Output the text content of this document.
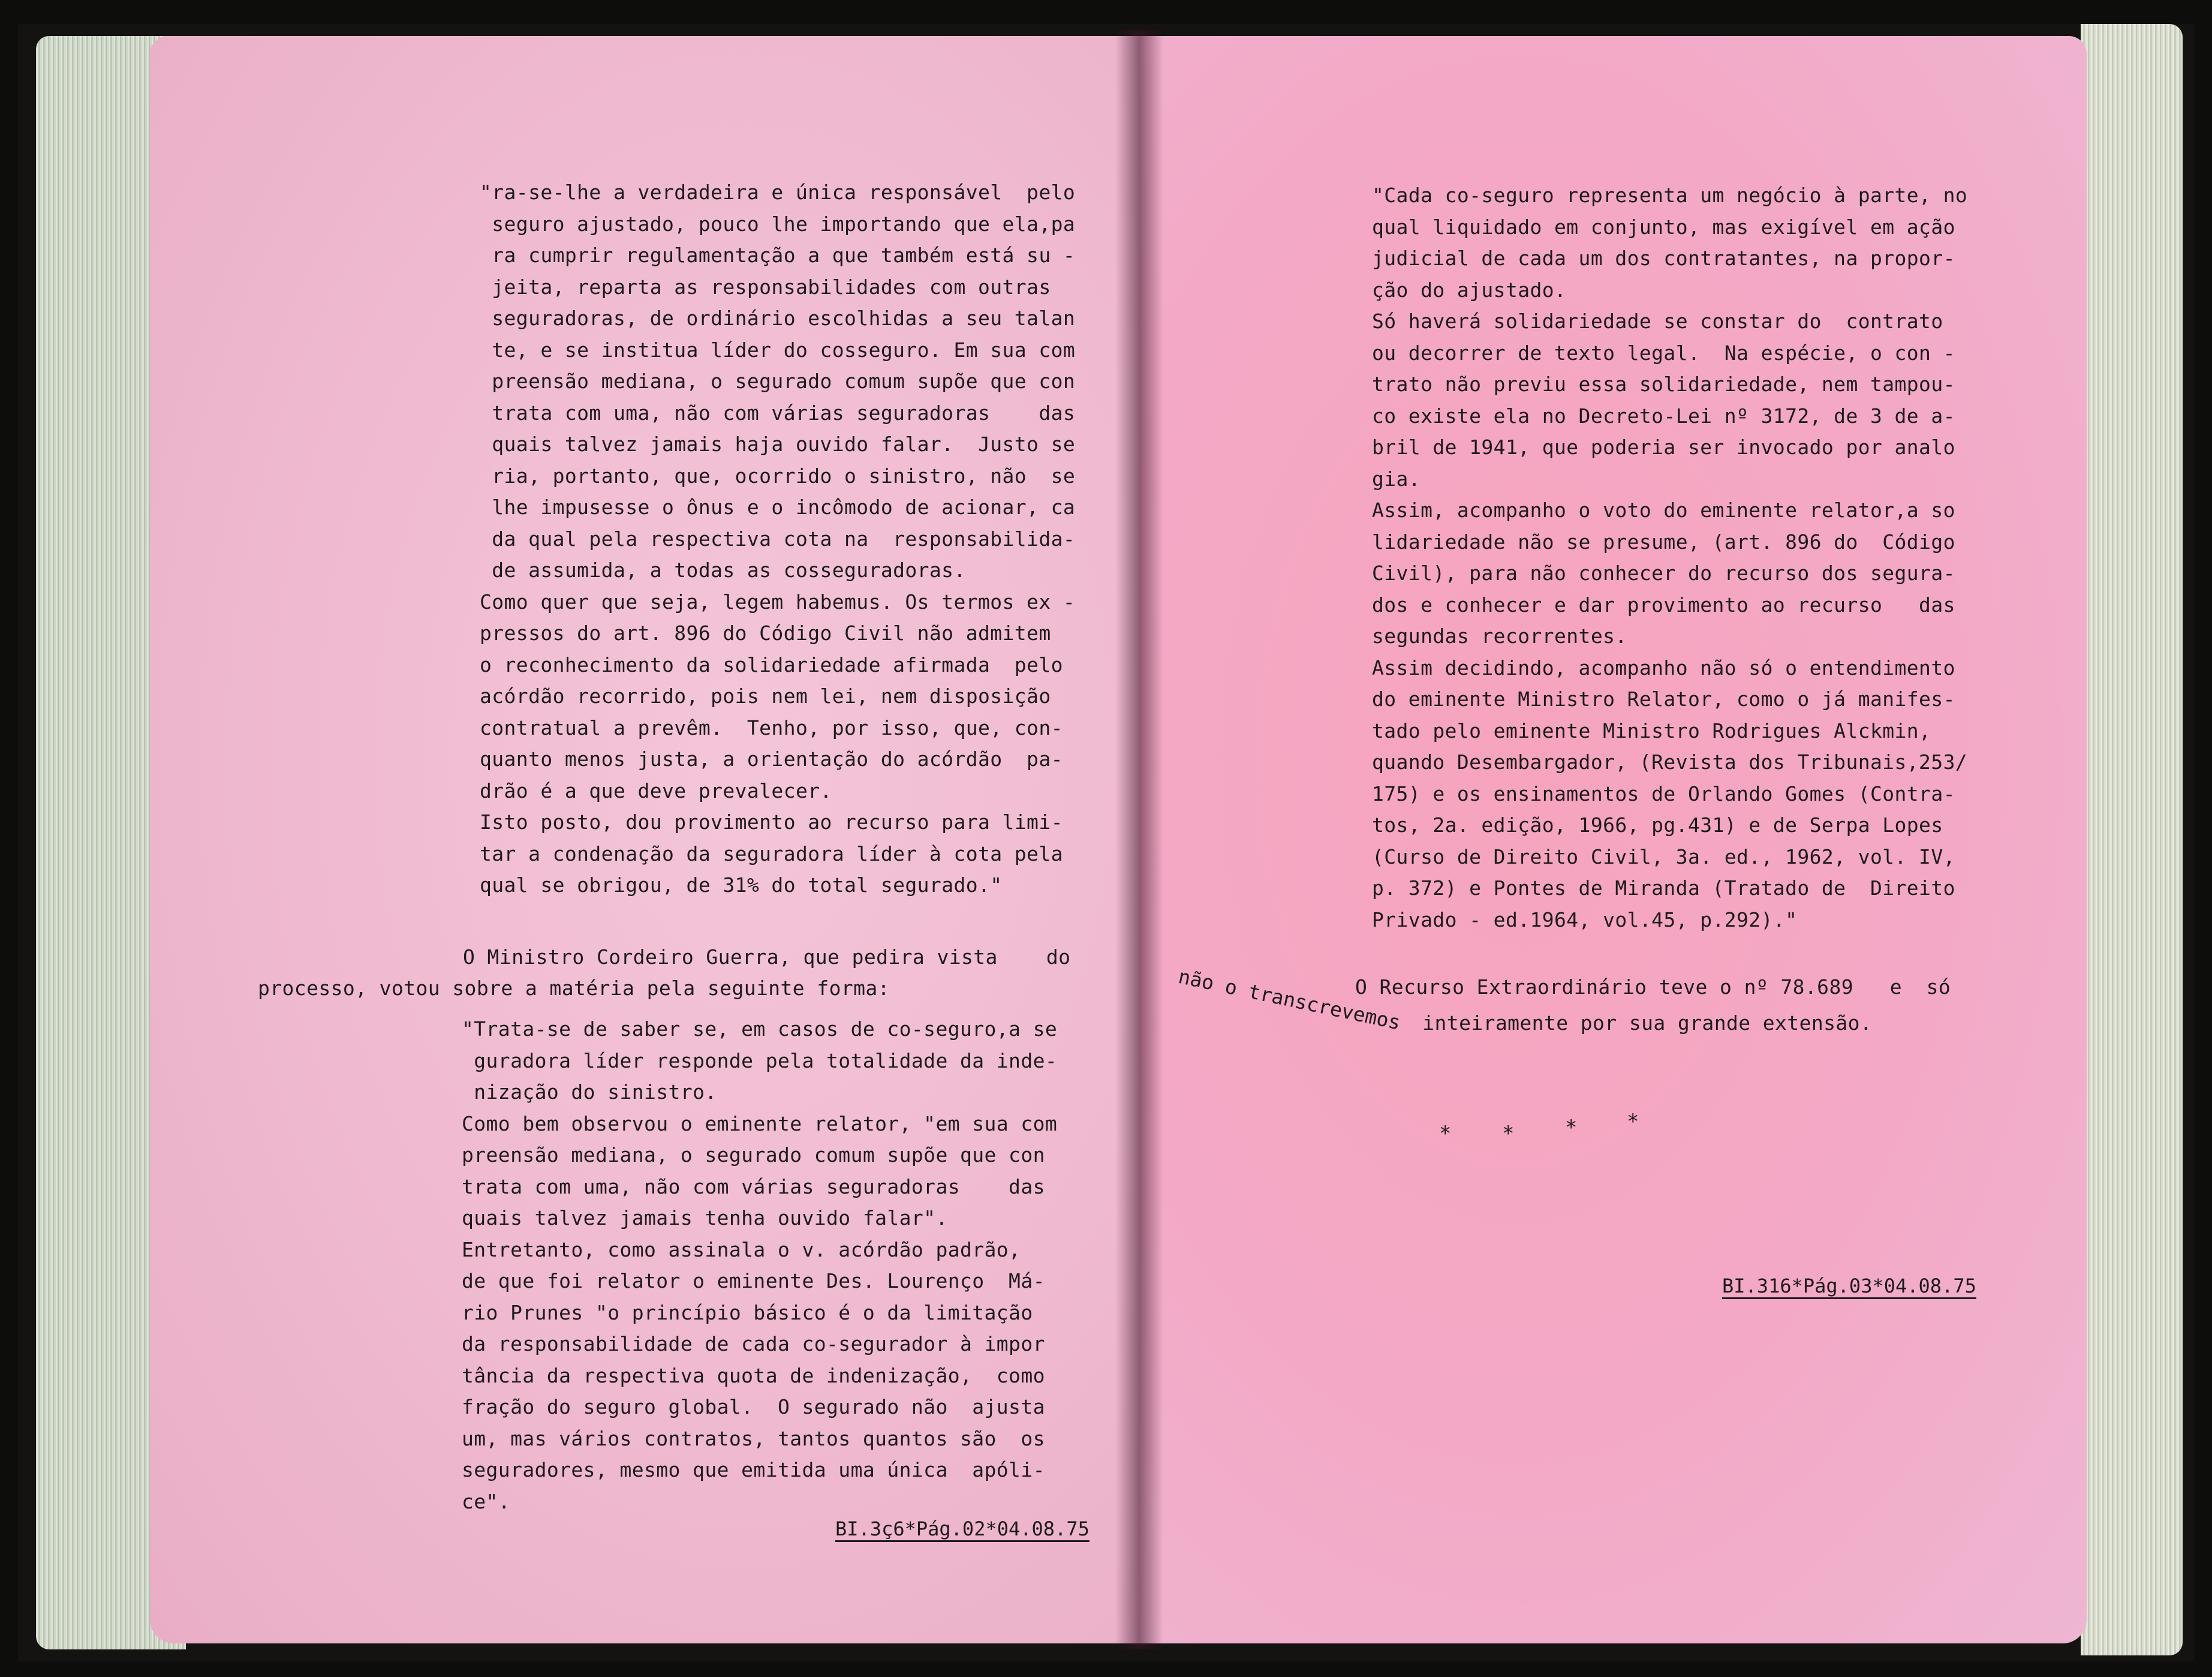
"ra-se-lhe a verdadeira e única responsável  pelo
seguro ajustado, pouco lhe importando que ela,pa
ra cumprir regulamentação a que também está su -
jeita, reparta as responsabilidades com outras
seguradoras, de ordinário escolhidas a seu talan
te, e se institua líder do cosseguro. Em sua com
preensão mediana, o segurado comum supõe que con
trata com uma, não com várias seguradoras    das
quais talvez jamais haja ouvido falar.  Justo se
ria, portanto, que, ocorrido o sinistro, não  se
lhe impusesse o ônus e o incômodo de acionar, ca
da qual pela respectiva cota na  responsabilida-
de assumida, a todas as cosseguradoras.
Como quer que seja, legem habemus. Os termos ex -
pressos do art. 896 do Código Civil não admitem
o reconhecimento da solidariedade afirmada  pelo
acórdão recorrido, pois nem lei, nem disposição
contratual a prevêm.  Tenho, por isso, que, con-
quanto menos justa, a orientação do acórdão  pa-
drão é a que deve prevalecer.
Isto posto, dou provimento ao recurso para limi-
tar a condenação da seguradora líder à cota pela
qual se obrigou, de 31% do total segurado."
O Ministro Cordeiro Guerra, que pedira vista    do
processo, votou sobre a matéria pela seguinte forma:
"Trata-se de saber se, em casos de co-seguro,a se
guradora líder responde pela totalidade da inde-
nização do sinistro.
Como bem observou o eminente relator, "em sua com
preensão mediana, o segurado comum supõe que con
trata com uma, não com várias seguradoras    das
quais talvez jamais tenha ouvido falar".
Entretanto, como assinala o v. acórdão padrão,
de que foi relator o eminente Des. Lourenço  Má-
rio Prunes "o princípio básico é o da limitação
da responsabilidade de cada co-segurador à impor
tância da respectiva quota de indenização,  como
fração do seguro global.  O segurado não  ajusta
um, mas vários contratos, tantos quantos são  os
seguradores, mesmo que emitida uma única  apóli-
ce".
BI.3ç6*Pág.02*04.08.75
"Cada co-seguro representa um negócio à parte, no
qual liquidado em conjunto, mas exigível em ação
judicial de cada um dos contratantes, na propor-
ção do ajustado.
Só haverá solidariedade se constar do  contrato
ou decorrer de texto legal.  Na espécie, o con -
trato não previu essa solidariedade, nem tampou-
co existe ela no Decreto-Lei nº 3172, de 3 de a-
bril de 1941, que poderia ser invocado por analo
gia.
Assim, acompanho o voto do eminente relator,a so
lidariedade não se presume, (art. 896 do  Código
Civil), para não conhecer do recurso dos segura-
dos e conhecer e dar provimento ao recurso   das
segundas recorrentes.
Assim decidindo, acompanho não só o entendimento
do eminente Ministro Relator, como o já manifes-
tado pelo eminente Ministro Rodrigues Alckmin,
quando Desembargador, (Revista dos Tribunais,253/
175) e os ensinamentos de Orlando Gomes (Contra-
tos, 2a. edição, 1966, pg.431) e de Serpa Lopes
(Curso de Direito Civil, 3a. ed., 1962, vol. IV,
p. 372) e Pontes de Miranda (Tratado de  Direito
Privado - ed.1964, vol.45, p.292)."
O Recurso Extraordinário teve o nº 78.689   e  só
não o transcrevemos inteiramente por sua grande extensão.
* * * *
BI.316*Pág.03*04.08.75
